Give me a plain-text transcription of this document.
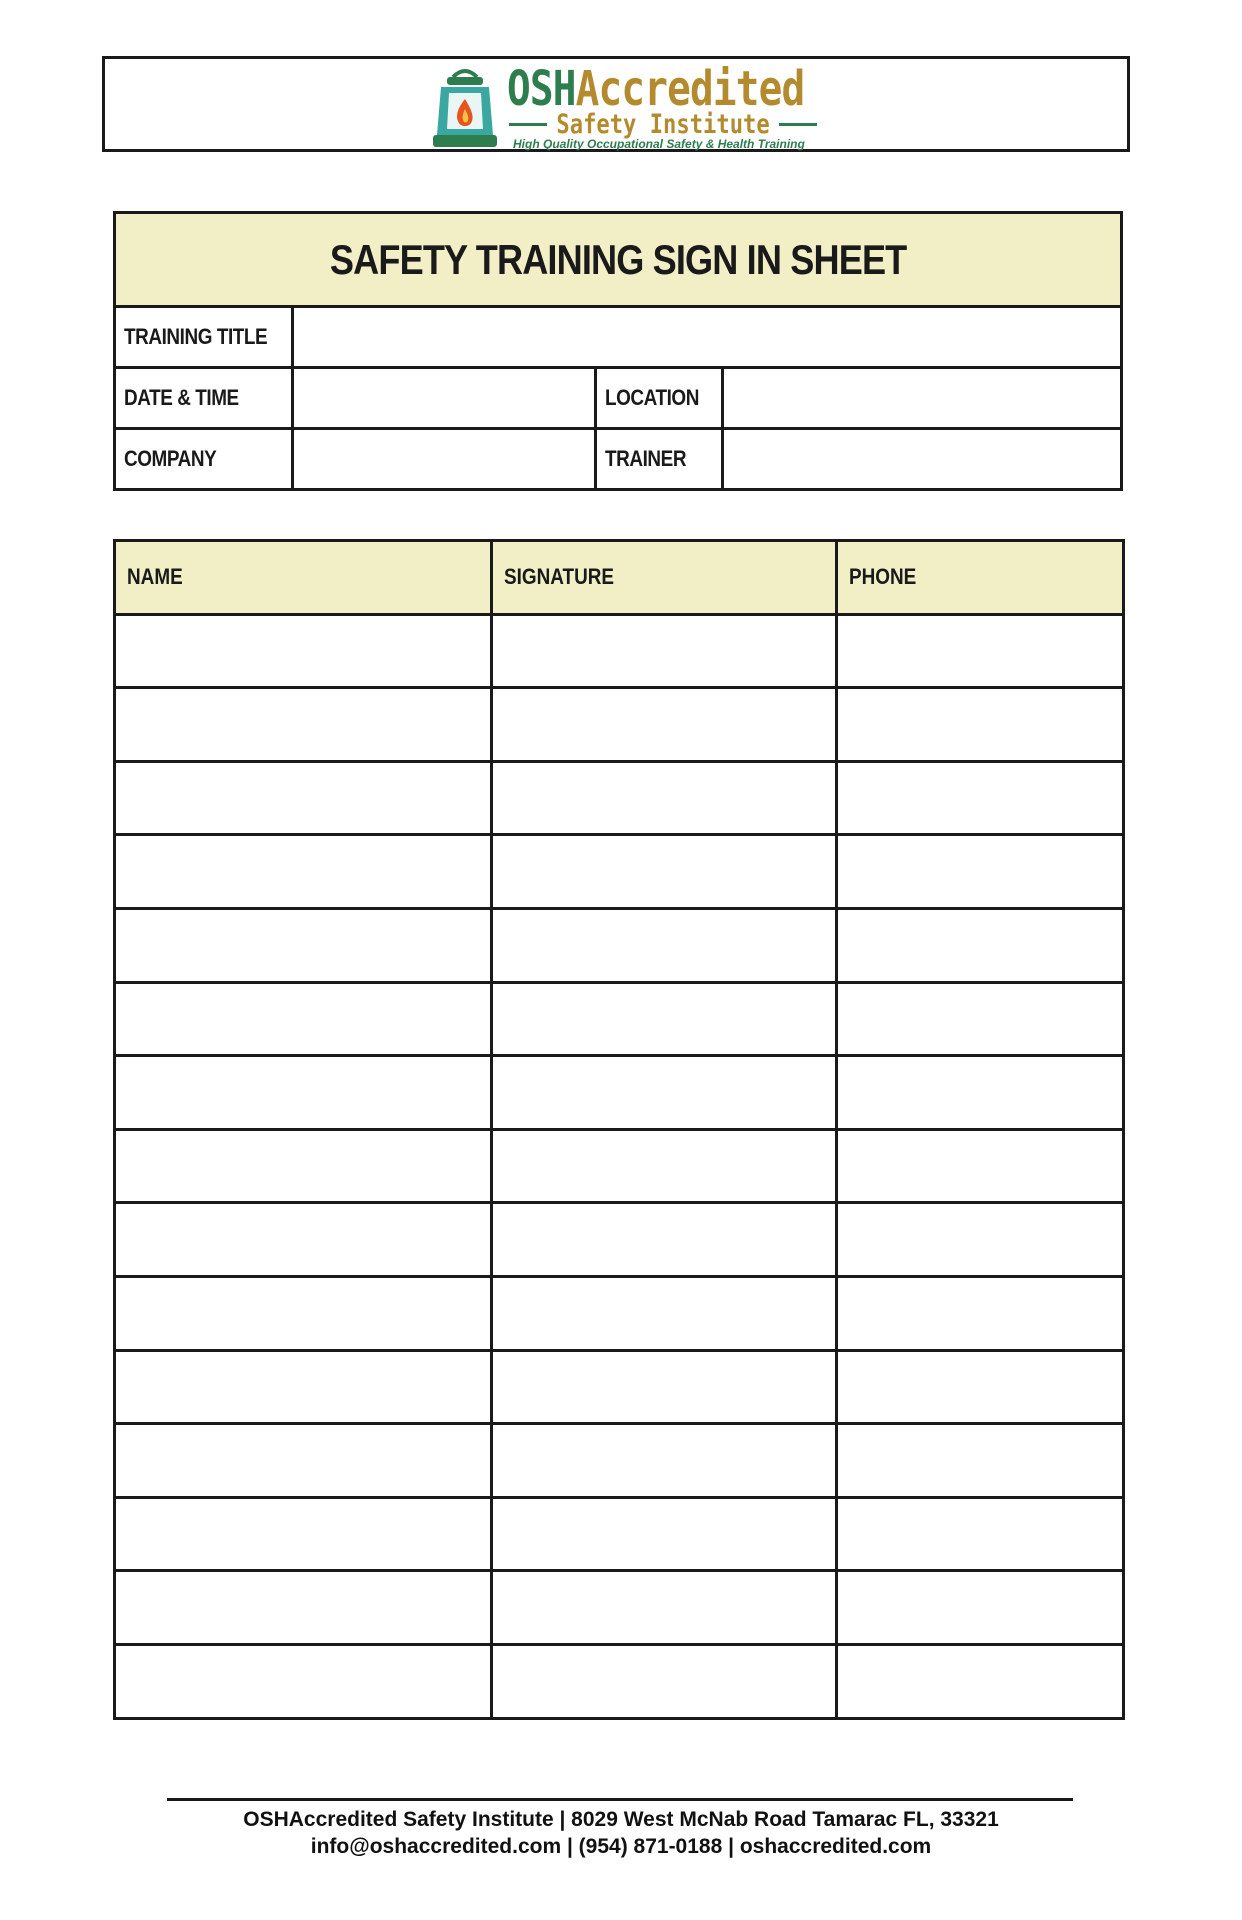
OSHAccredited
Safety Institute
High Quality Occupational Safety & Health Training
SAFETY TRAINING SIGN IN SHEET			
TRAINING TITLE			
DATE & TIME		LOCATION	
COMPANY		TRAINER	
NAME	SIGNATURE	PHONE

OSHAccredited Safety Institute | 8029 West McNab Road Tamarac FL, 33321
info@oshaccredited.com | (954) 871-0188 | oshaccredited.com
